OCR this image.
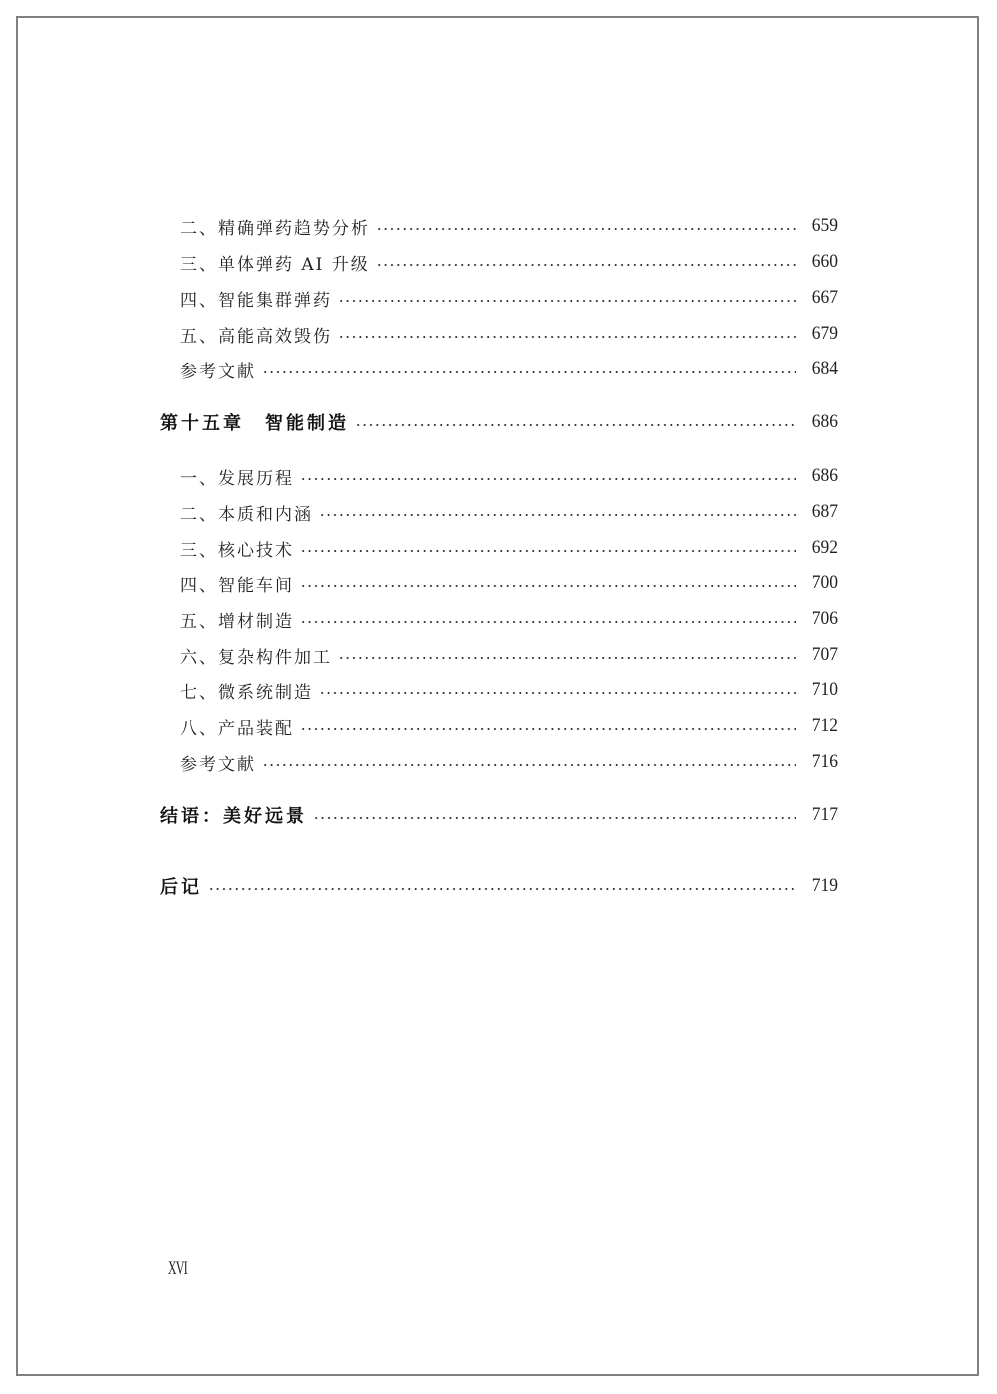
二、精确弹药趋势分析	659
三、单体弹药 AI 升级	660
四、智能集群弹药	667
五、高能高效毁伤	679
参考文献	684
第十五章　智能制造	686
一、发展历程	686
二、本质和内涵	687
三、核心技术	692
四、智能车间	700
五、增材制造	706
六、复杂构件加工	707
七、微系统制造	710
八、产品装配	712
参考文献	716
结语：美好远景	717
后记	719
XVI
